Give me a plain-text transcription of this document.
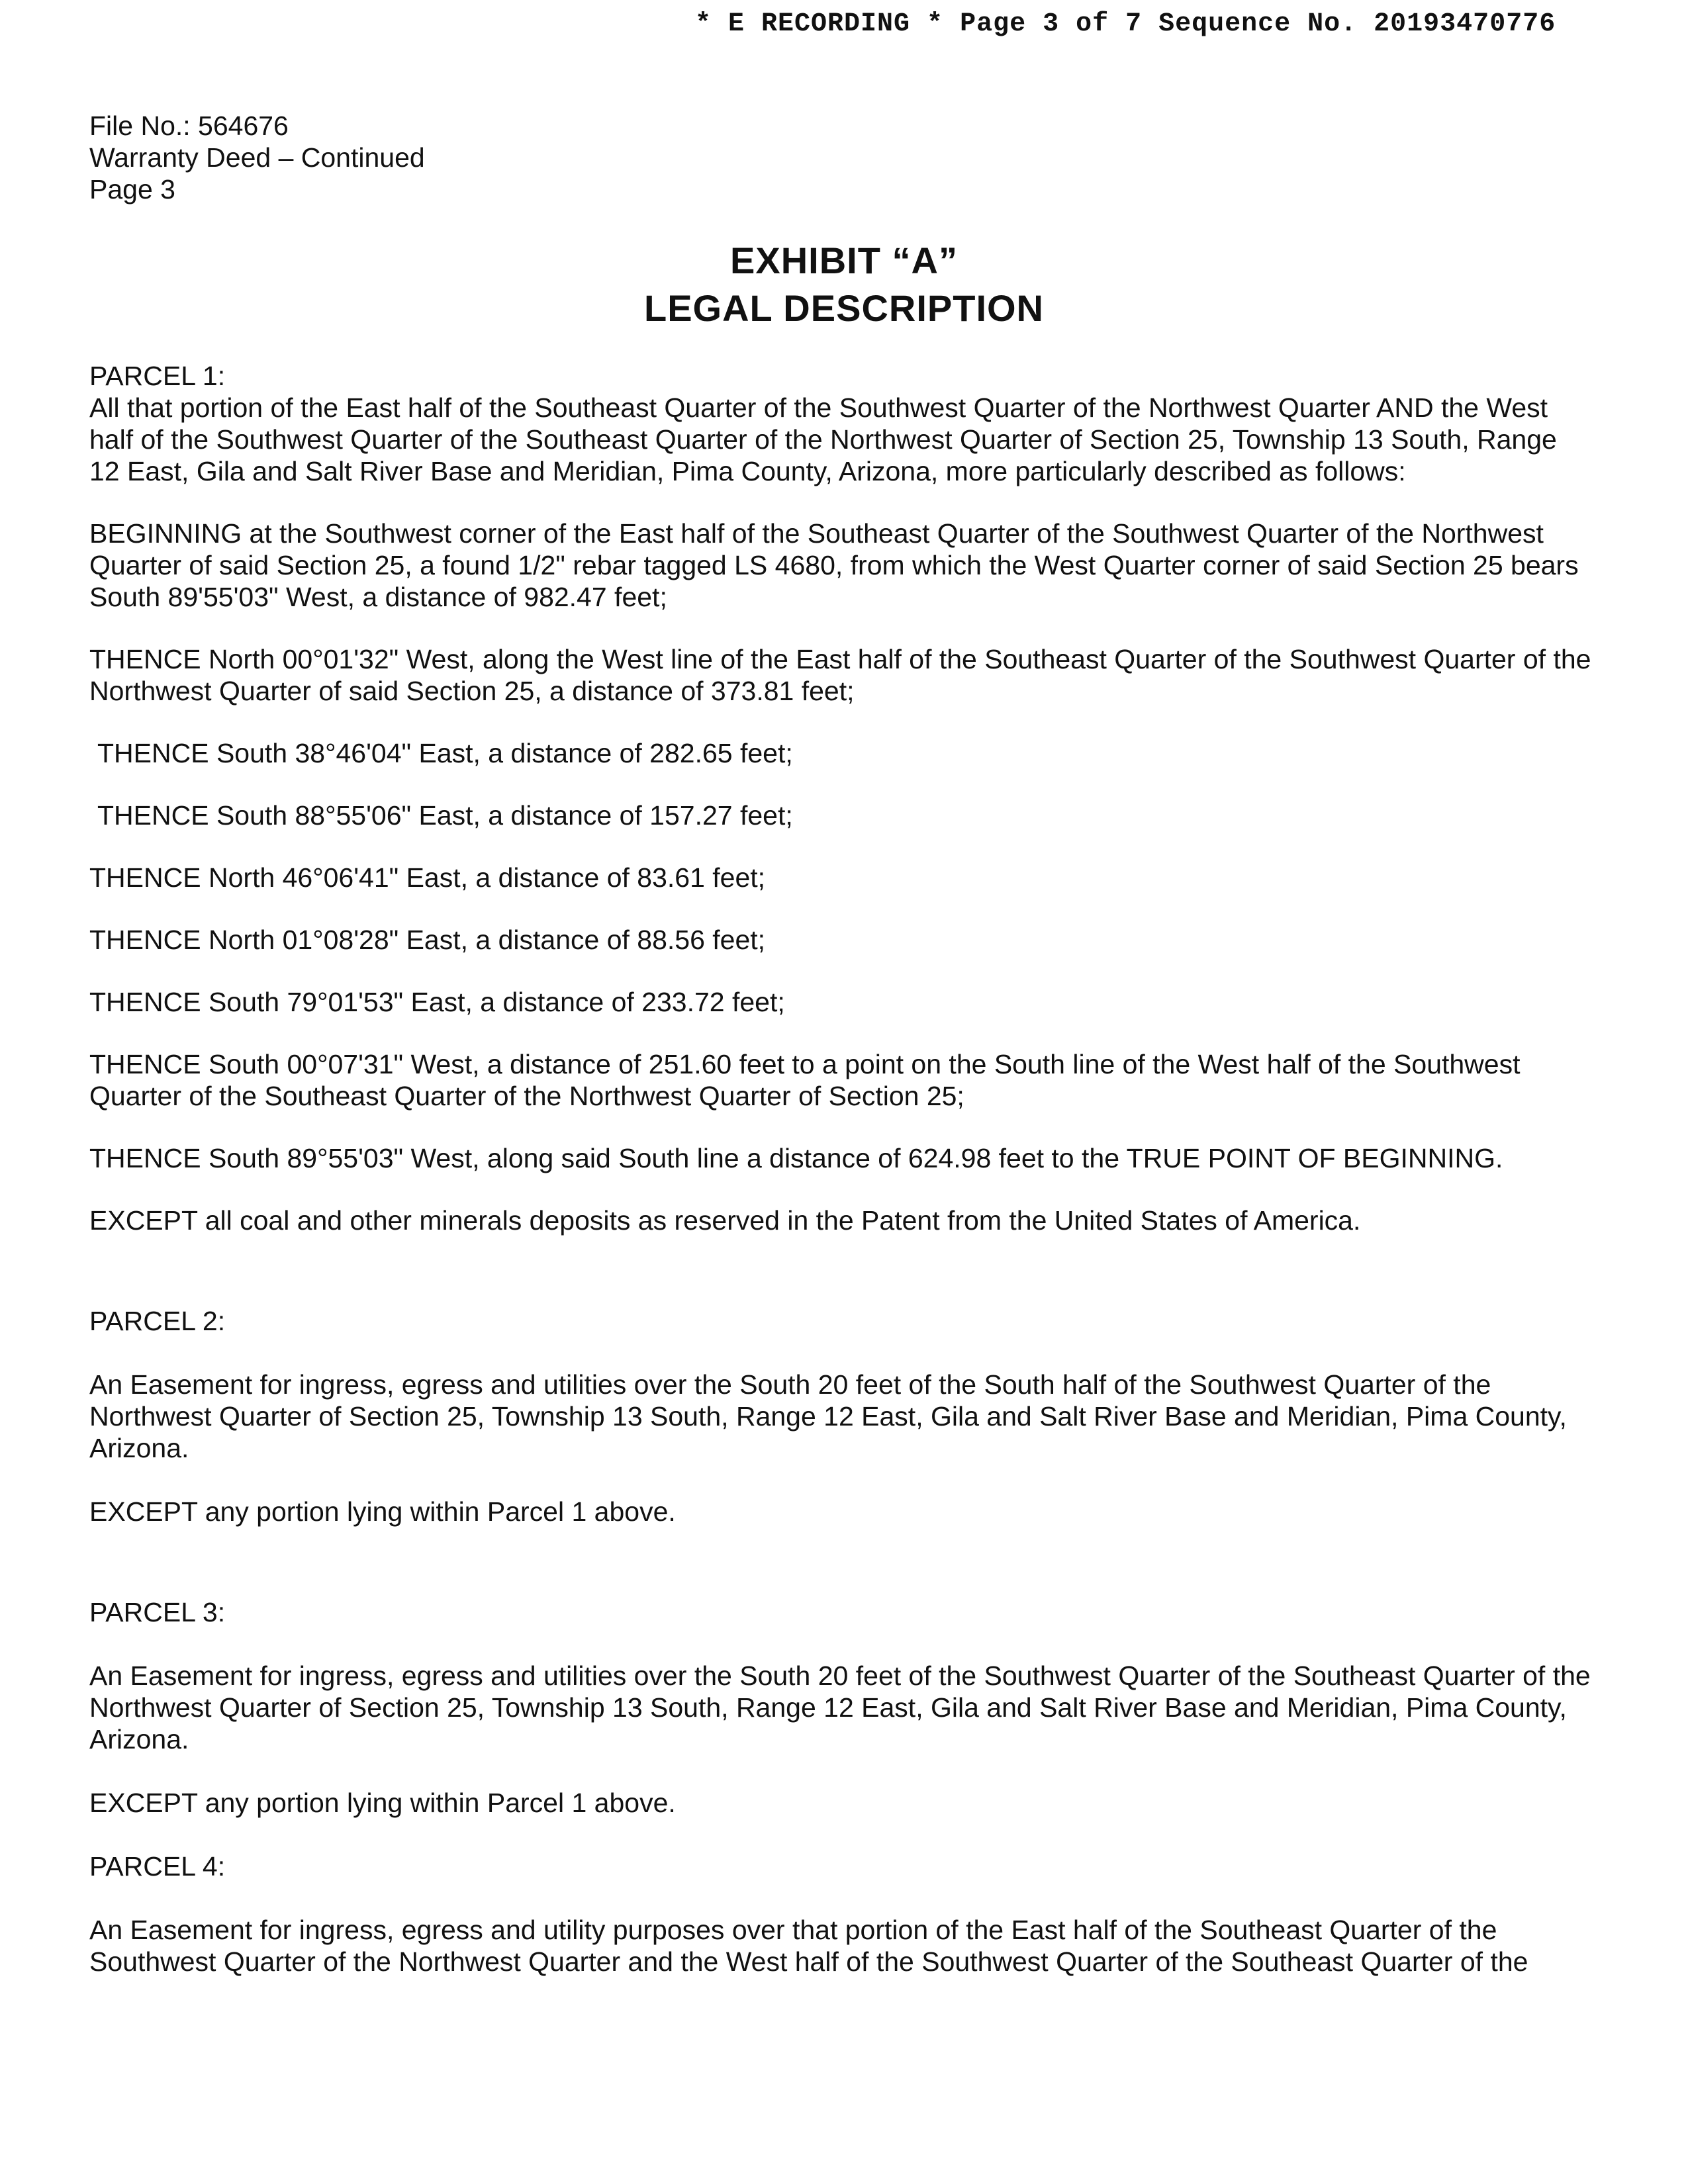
* E RECORDING * Page 3 of 7 Sequence No. 20193470776
File No.: 564676
Warranty Deed – Continued
Page 3
EXHIBIT “A”
LEGAL DESCRIPTION

PARCEL 1:

All that portion of the East half of the Southeast Quarter of the Southwest Quarter of the Northwest Quarter AND the West half of the Southwest Quarter of the Southeast Quarter of the Northwest Quarter of Section 25, Township 13 South, Range 12 East, Gila and Salt River Base and Meridian, Pima County, Arizona, more particularly described as follows:

BEGINNING at the Southwest corner of the East half of the Southeast Quarter of the Southwest Quarter of the Northwest Quarter of said Section 25, a found 1/2" rebar tagged LS 4680, from which the West Quarter corner of said Section 25 bears South 89'55'03" West, a distance of 982.47 feet;

THENCE North 00°01'32" West, along the West line of the East half of the Southeast Quarter of the Southwest Quarter of the Northwest Quarter of said Section 25, a distance of 373.81 feet;

THENCE South 38°46'04" East, a distance of 282.65 feet;

THENCE South 88°55'06" East, a distance of 157.27 feet;

THENCE North 46°06'41" East, a distance of 83.61 feet;

THENCE North 01°08'28" East, a distance of 88.56 feet;

THENCE South 79°01'53" East, a distance of 233.72 feet;

THENCE South 00°07'31" West, a distance of 251.60 feet to a point on the South line of the West half of the Southwest Quarter of the Southeast Quarter of the Northwest Quarter of Section 25;

THENCE South 89°55'03" West, along said South line a distance of 624.98 feet to the TRUE POINT OF BEGINNING.

EXCEPT all coal and other minerals deposits as reserved in the Patent from the United States of America.

PARCEL 2:

An Easement for ingress, egress and utilities over the South 20 feet of the South half of the Southwest Quarter of the Northwest Quarter of Section 25, Township 13 South, Range 12 East, Gila and Salt River Base and Meridian, Pima County, Arizona.

EXCEPT any portion lying within Parcel 1 above.

PARCEL 3:

An Easement for ingress, egress and utilities over the South 20 feet of the Southwest Quarter of the Southeast Quarter of the Northwest Quarter of Section 25, Township 13 South, Range 12 East, Gila and Salt River Base and Meridian, Pima County, Arizona.

EXCEPT any portion lying within Parcel 1 above.

PARCEL 4:

An Easement for ingress, egress and utility purposes over that portion of the East half of the Southeast Quarter of the Southwest Quarter of the Northwest Quarter and the West half of the Southwest Quarter of the Southeast Quarter of the
